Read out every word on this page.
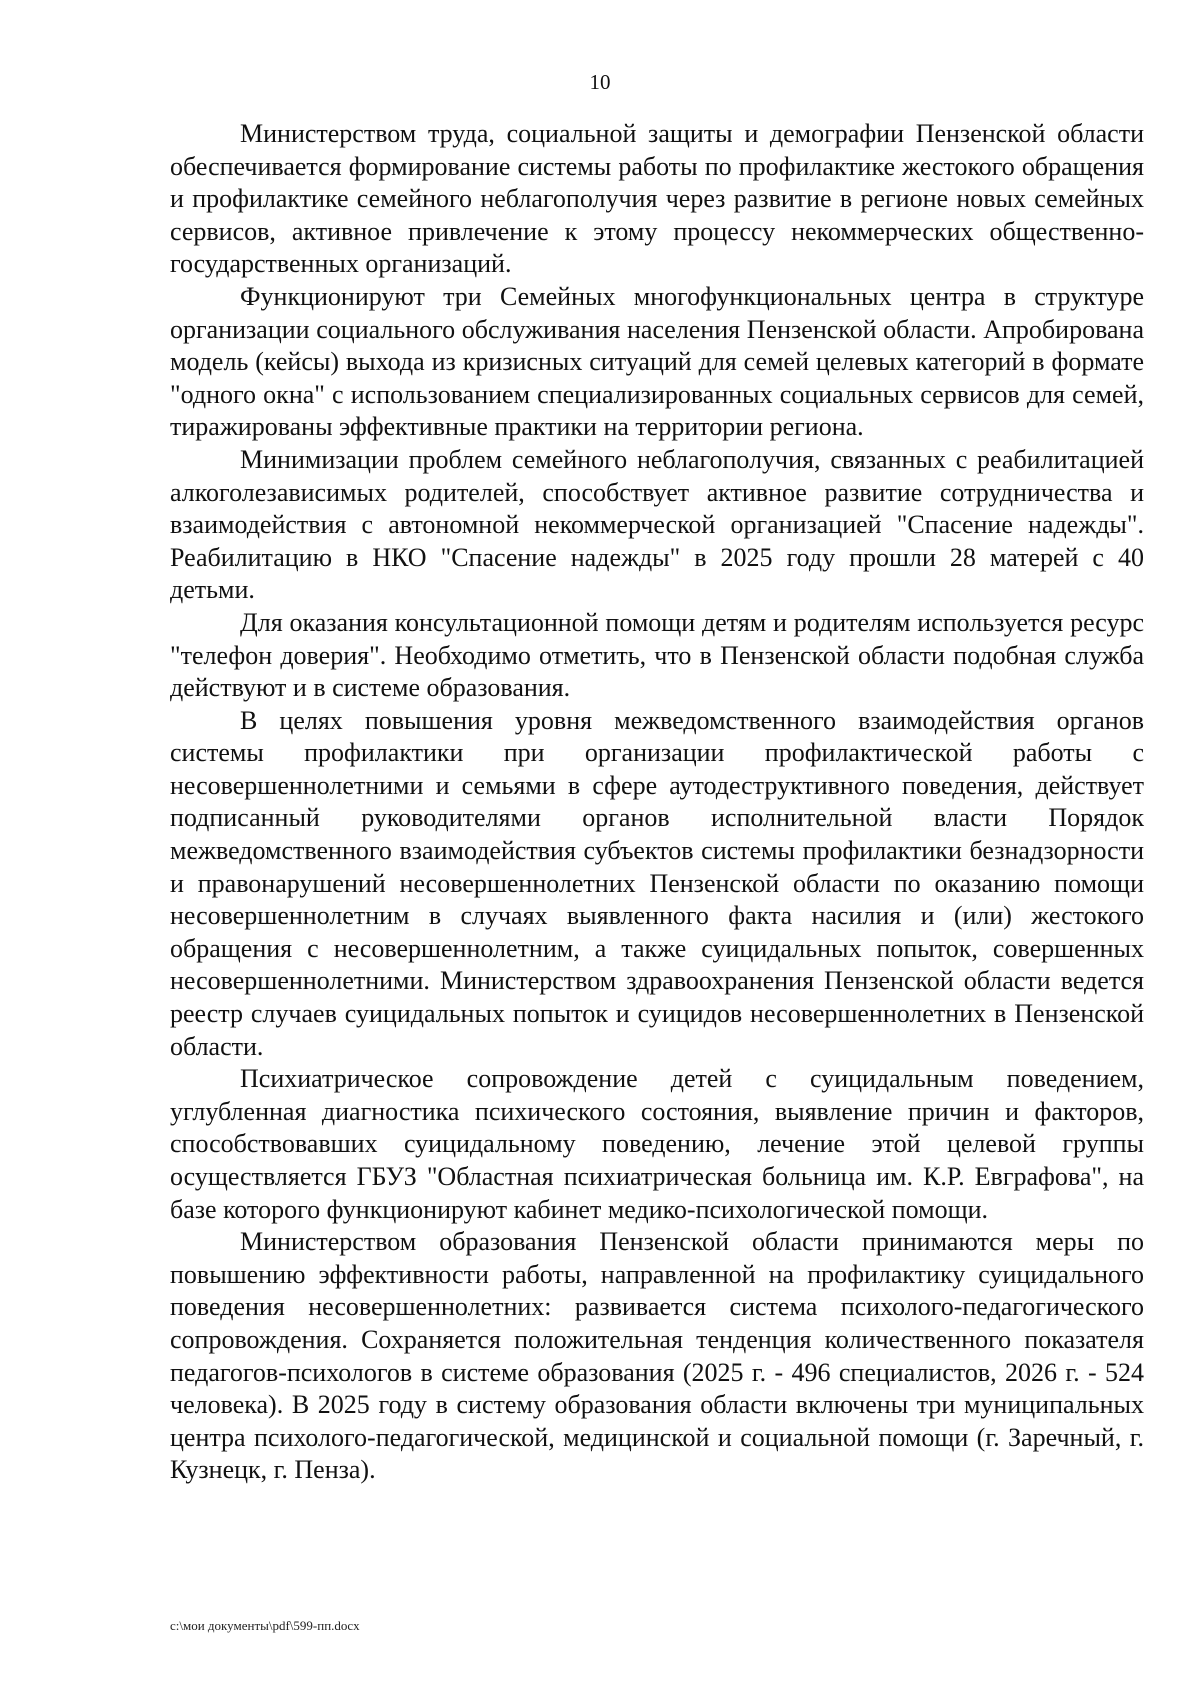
10

Министерством труда, социальной защиты и демографии Пензенской области обеспечивается формирование системы работы по профилактике жестокого обращения и профилактике семейного неблагополучия через развитие в регионе новых семейных сервисов, активное привлечение к этому процессу некоммерческих общественно-государственных организаций.

Функционируют три Семейных многофункциональных центра в структуре организации социального обслуживания населения Пензенской области. Апробирована модель (кейсы) выхода из кризисных ситуаций для семей целевых категорий в формате "одного окна" с использованием специализированных социальных сервисов для семей, тиражированы эффективные практики на территории региона.

Минимизации проблем семейного неблагополучия, связанных с реабилитацией алкоголезависимых родителей, способствует активное развитие сотрудничества и взаимодействия с автономной некоммерческой организацией "Спасение надежды". Реабилитацию в НКО "Спасение надежды" в 2025 году прошли 28 матерей с 40 детьми.

Для оказания консультационной помощи детям и родителям используется ресурс "телефон доверия". Необходимо отметить, что в Пензенской области подобная служба действуют и в системе образования.

В целях повышения уровня межведомственного взаимодействия органов системы профилактики при организации профилактической работы с несовершеннолетними и семьями в сфере аутодеструктивного поведения, действует подписанный руководителями органов исполнительной власти Порядок межведомственного взаимодействия субъектов системы профилактики безнадзорности и правонарушений несовершеннолетних Пензенской области по оказанию помощи несовершеннолетним в случаях выявленного факта насилия и (или) жестокого обращения с несовершеннолетним, а также суицидальных попыток, совершенных несовершеннолетними. Министерством здравоохранения Пензенской области ведется реестр случаев суицидальных попыток и суицидов несовершеннолетних в Пензенской области.

Психиатрическое сопровождение детей с суицидальным поведением, углубленная диагностика психического состояния, выявление причин и факторов, способствовавших суицидальному поведению, лечение этой целевой группы осуществляется ГБУЗ "Областная психиатрическая больница им. К.Р. Евграфова", на базе которого функционируют кабинет медико-психологической помощи.

Министерством образования Пензенской области принимаются меры по повышению эффективности работы, направленной на профилактику суицидального поведения несовершеннолетних: развивается система психолого-педагогического сопровождения. Сохраняется положительная тенденция количественного показателя педагогов-психологов в системе образования (2025 г. - 496 специалистов, 2026 г. - 524 человека). В 2025 году в систему образования области включены три муниципальных центра психолого-педагогической, медицинской и социальной помощи (г. Заречный, г. Кузнецк, г. Пенза).

c:\мои документы\pdf\599-пп.docx
